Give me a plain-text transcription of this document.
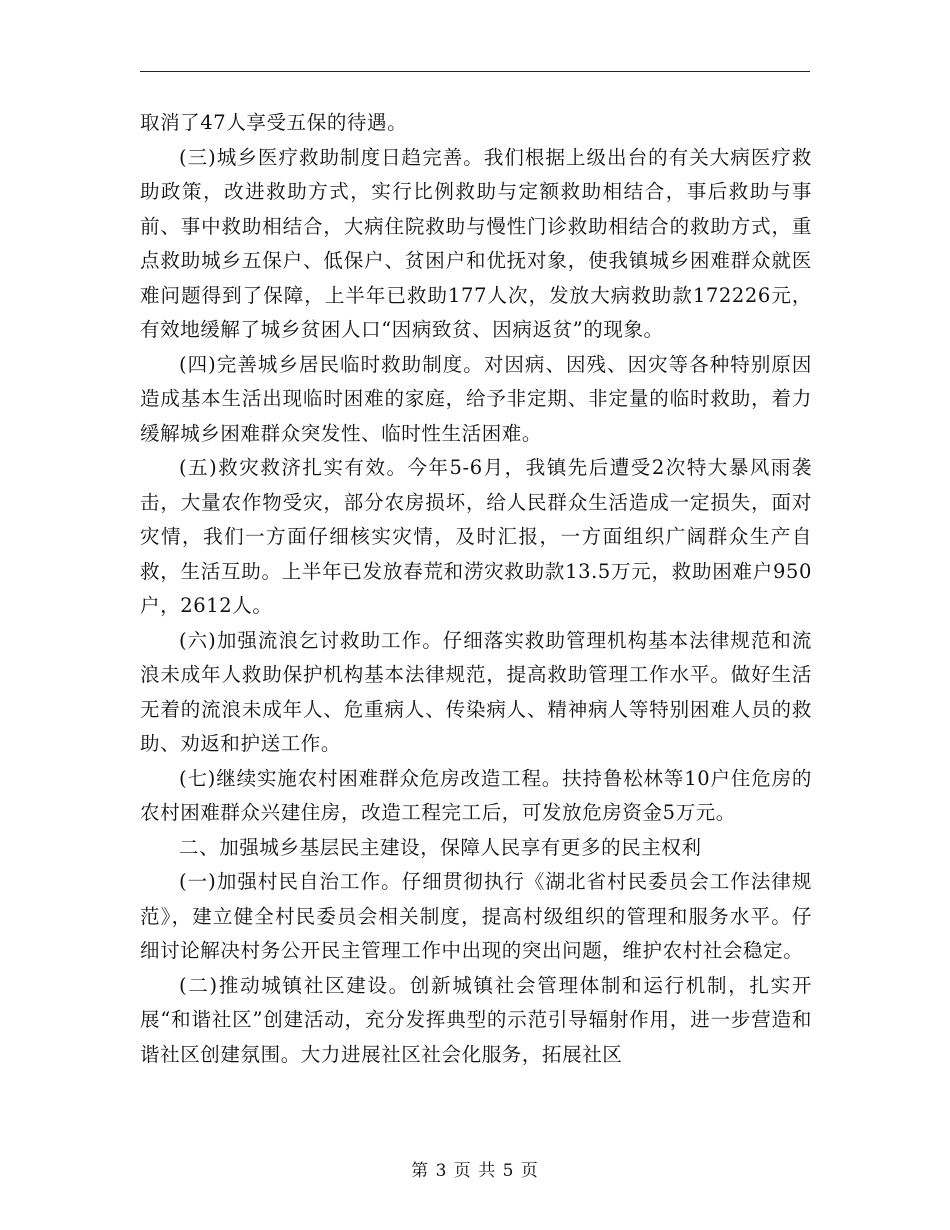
取消了47人享受五保的待遇。

(三)城乡医疗救助制度日趋完善。我们根据上级出台的有关大病医疗救助政策，改进救助方式，实行比例救助与定额救助相结合，事后救助与事前、事中救助相结合，大病住院救助与慢性门诊救助相结合的救助方式，重点救助城乡五保户、低保户、贫困户和优抚对象，使我镇城乡困难群众就医难问题得到了保障，上半年已救助177人次，发放大病救助款172226元，有效地缓解了城乡贫困人口“因病致贫、因病返贫”的现象。

(四)完善城乡居民临时救助制度。对因病、因残、因灾等各种特别原因造成基本生活出现临时困难的家庭，给予非定期、非定量的临时救助，着力缓解城乡困难群众突发性、临时性生活困难。

(五)救灾救济扎实有效。今年5-6月，我镇先后遭受2次特大暴风雨袭击，大量农作物受灾，部分农房损坏，给人民群众生活造成一定损失，面对灾情，我们一方面仔细核实灾情，及时汇报，一方面组织广阔群众生产自救，生活互助。上半年已发放春荒和涝灾救助款13.5万元，救助困难户950户，2612人。

(六)加强流浪乞讨救助工作。仔细落实救助管理机构基本法律规范和流浪未成年人救助保护机构基本法律规范，提高救助管理工作水平。做好生活无着的流浪未成年人、危重病人、传染病人、精神病人等特别困难人员的救助、劝返和护送工作。

(七)继续实施农村困难群众危房改造工程。扶持鲁松林等10户住危房的农村困难群众兴建住房，改造工程完工后，可发放危房资金5万元。

二、加强城乡基层民主建设，保障人民享有更多的民主权利

(一)加强村民自治工作。仔细贯彻执行《湖北省村民委员会工作法律规范》，建立健全村民委员会相关制度，提高村级组织的管理和服务水平。仔细讨论解决村务公开民主管理工作中出现的突出问题，维护农村社会稳定。

(二)推动城镇社区建设。创新城镇社会管理体制和运行机制，扎实开展“和谐社区”创建活动，充分发挥典型的示范引导辐射作用，进一步营造和谐社区创建氛围。大力进展社区社会化服务，拓展社区

第 3 页 共 5 页
